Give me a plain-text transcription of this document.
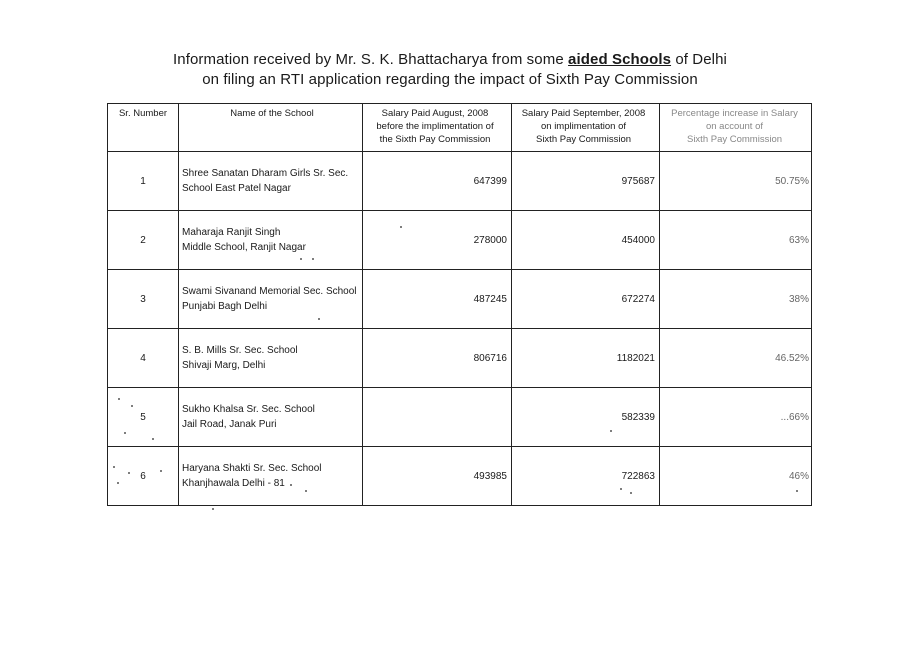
Information received by Mr. S. K. Bhattacharya from some aided Schools of Delhi
on filing an RTI application regarding the impact of Sixth Pay Commission
Sr. Number	Name of the School	Salary Paid August, 2008
before the implimentation of
the Sixth Pay Commission	Salary Paid September, 2008
on implimentation of
Sixth Pay Commission	Percentage increase in Salary
on account of
Sixth Pay Commission
1	Shree Sanatan Dharam Girls Sr. Sec.
School East Patel Nagar	647399	975687	50.75%
2	Maharaja Ranjit Singh
Middle School, Ranjit Nagar	278000	454000	63%
3	Swami Sivanand Memorial Sec. School
Punjabi Bagh Delhi	487245	672274	38%
4	S. B. Mills Sr. Sec. School
Shivaji Marg, Delhi	806716	1182021	46.52%
5	Sukho Khalsa Sr. Sec. School
Jail Road, Janak Puri		582339	...66%
6	Haryana Shakti Sr. Sec. School
Khanjhawala Delhi - 81	493985	722863	46%
